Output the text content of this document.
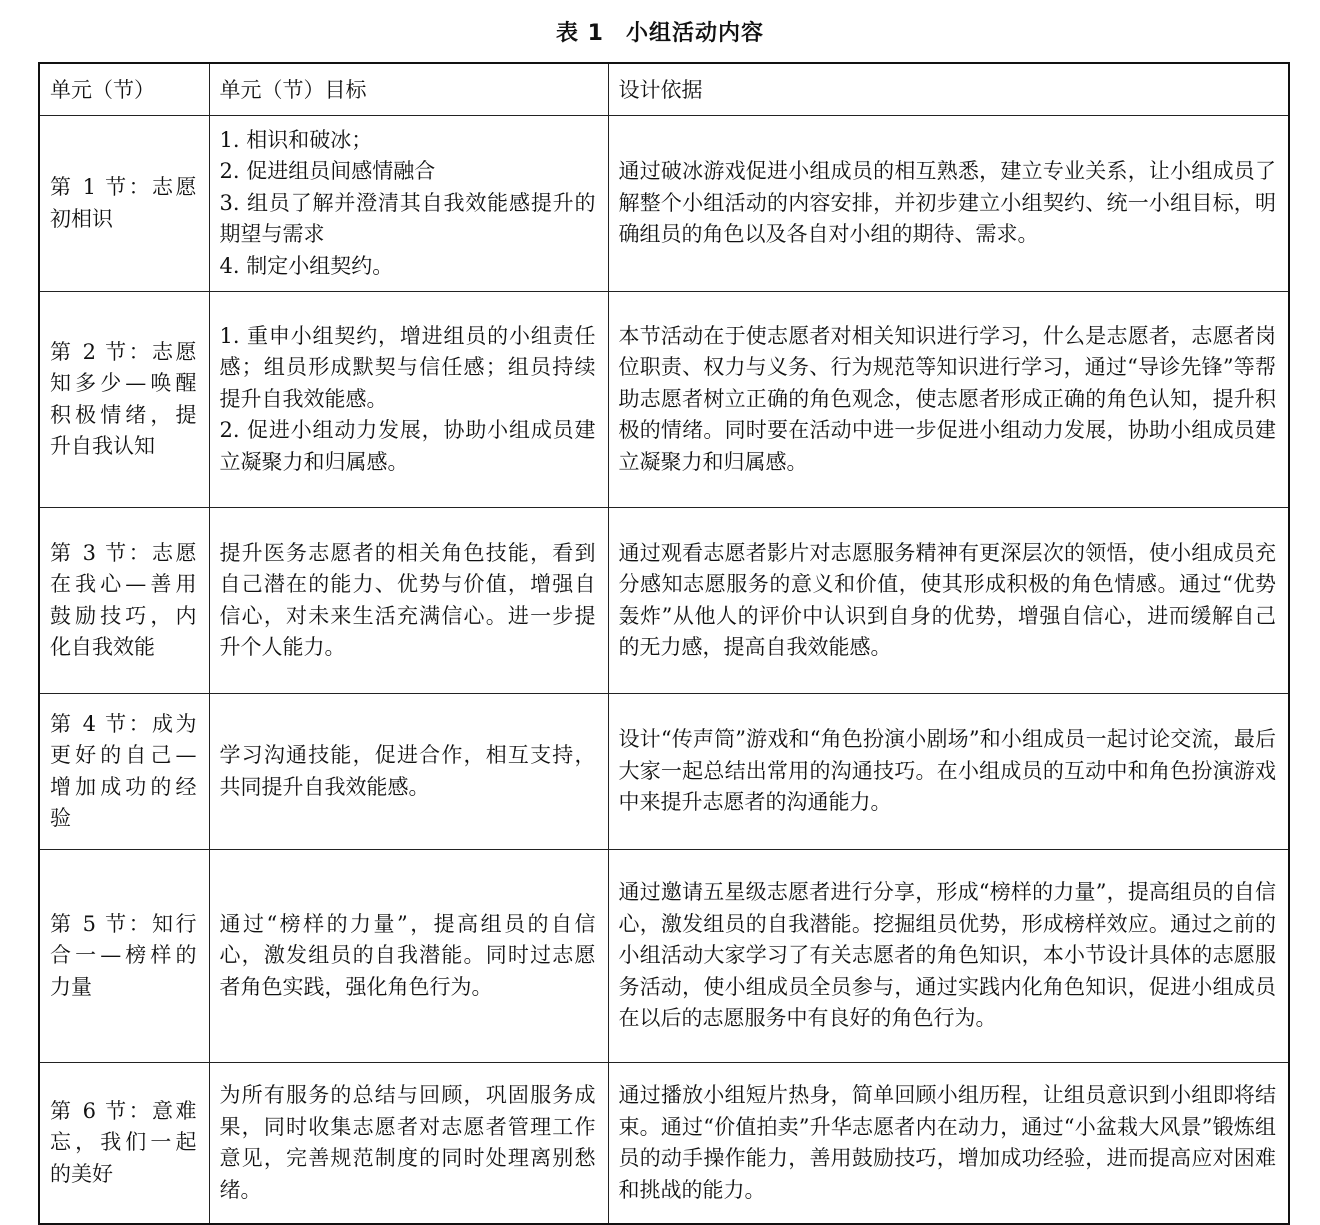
表 1 小组活动内容
单元（节）	单元（节）目标	设计依据
第 1 节：志愿初相识	1. 相识和破冰；
2. 促进组员间感情融合
3. 组员了解并澄清其自我效能感提升的期望与需求
4. 制定小组契约。	通过破冰游戏促进小组成员的相互熟悉，建立专业关系，让小组成员了解整个小组活动的内容安排，并初步建立小组契约、统一小组目标，明确组员的角色以及各自对小组的期待、需求。
第 2 节：志愿知多少—唤醒积极情绪，提升自我认知	1. 重申小组契约，增进组员的小组责任感；组员形成默契与信任感；组员持续提升自我效能感。
2. 促进小组动力发展，协助小组成员建立凝聚力和归属感。	本节活动在于使志愿者对相关知识进行学习，什么是志愿者，志愿者岗位职责、权力与义务、行为规范等知识进行学习，通过“导诊先锋”等帮助志愿者树立正确的角色观念，使志愿者形成正确的角色认知，提升积极的情绪。同时要在活动中进一步促进小组动力发展，协助小组成员建立凝聚力和归属感。
第 3 节：志愿在我心—善用鼓励技巧，内化自我效能	提升医务志愿者的相关角色技能，看到自己潜在的能力、优势与价值，增强自信心，对未来生活充满信心。进一步提升个人能力。	通过观看志愿者影片对志愿服务精神有更深层次的领悟，使小组成员充分感知志愿服务的意义和价值，使其形成积极的角色情感。通过“优势轰炸”从他人的评价中认识到自身的优势，增强自信心，进而缓解自己的无力感，提高自我效能感。
第 4 节：成为更好的自己—增加成功的经验	学习沟通技能，促进合作，相互支持，共同提升自我效能感。	设计“传声筒”游戏和“角色扮演小剧场”和小组成员一起讨论交流，最后大家一起总结出常用的沟通技巧。在小组成员的互动中和角色扮演游戏中来提升志愿者的沟通能力。
第 5 节：知行合一—榜样的力量	通过“榜样的力量”，提高组员的自信心，激发组员的自我潜能。同时过志愿者角色实践，强化角色行为。	通过邀请五星级志愿者进行分享，形成“榜样的力量”，提高组员的自信心，激发组员的自我潜能。挖掘组员优势，形成榜样效应。通过之前的小组活动大家学习了有关志愿者的角色知识，本小节设计具体的志愿服务活动，使小组成员全员参与，通过实践内化角色知识，促进小组成员在以后的志愿服务中有良好的角色行为。
第 6 节：意难忘，我们一起的美好	为所有服务的总结与回顾，巩固服务成果，同时收集志愿者对志愿者管理工作意见，完善规范制度的同时处理离别愁绪。	通过播放小组短片热身，简单回顾小组历程，让组员意识到小组即将结束。通过“价值拍卖”升华志愿者内在动力，通过“小盆栽大风景”锻炼组员的动手操作能力，善用鼓励技巧，增加成功经验，进而提高应对困难和挑战的能力。
